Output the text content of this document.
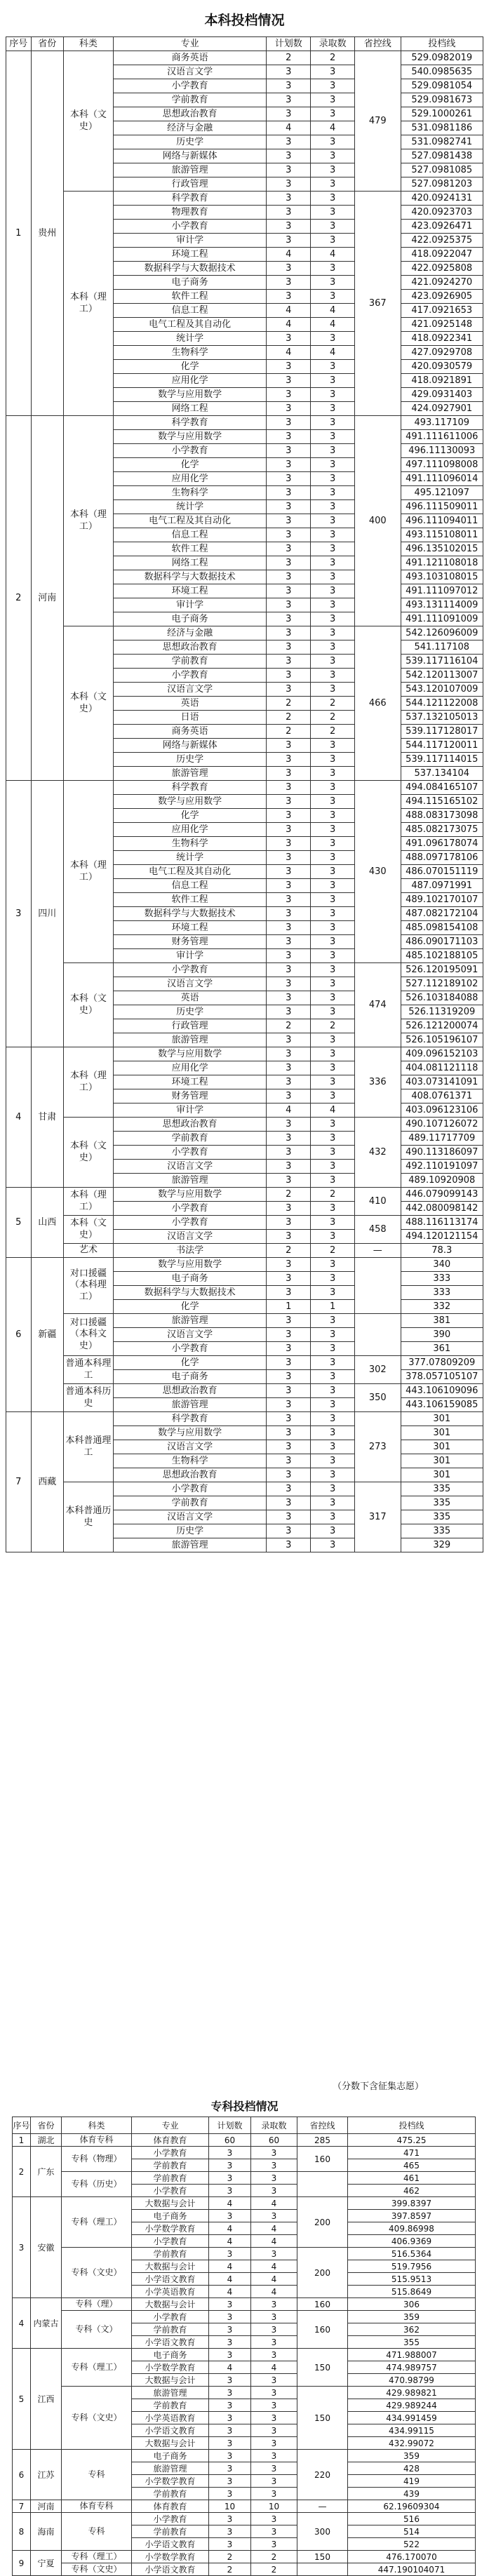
本科投档情况
序号	省份	科类	专业	计划数	录取数	省控线	投档线
1	贵州	本科（文史）	商务英语	2	2	479	529.0982019
			汉语言文学	3	3		540.0985635
			小学教育	3	3		529.0981054
			学前教育	3	3		529.0981673
			思想政治教育	3	3		529.1000261
			经济与金融	4	4		531.0981186
			历史学	3	3		531.0982741
			网络与新媒体	3	3		527.0981438
			旅游管理	3	3		527.0981085
			行政管理	3	3		527.0981203
		本科（理工）	科学教育	3	3	367	420.0924131
			物理教育	3	3		420.0923703
			小学教育	3	3		423.0926471
			审计学	3	3		422.0925375
			环境工程	4	4		418.0922047
			数据科学与大数据技术	3	3		422.0925808
			电子商务	3	3		421.0924270
			软件工程	3	3		423.0926905
			信息工程	4	4		417.0921653
			电气工程及其自动化	4	4		421.0925148
			统计学	3	3		418.0922341
			生物科学	4	4		427.0929708
			化学	3	3		420.0930579
			应用化学	3	3		418.0921891
			数学与应用数学	3	3		429.0931403
			网络工程	3	3		424.0927901
2	河南	本科（理工）	科学教育	3	3	400	493.117109
			数学与应用数学	3	3		491.111611006
			小学教育	3	3		496.11130093
			化学	3	3		497.111098008
			应用化学	3	3		491.111096014
			生物科学	3	3		495.121097
			统计学	3	3		496.111509011
			电气工程及其自动化	3	3		496.111094011
			信息工程	3	3		493.115108011
			软件工程	3	3		496.135102015
			网络工程	3	3		491.121108018
			数据科学与大数据技术	3	3		493.103108015
			环境工程	3	3		491.111097012
			审计学	3	3		493.131114009
			电子商务	3	3		491.111091009
		本科（文史）	经济与金融	3	3	466	542.126096009
			思想政治教育	3	3		541.117108
			学前教育	3	3		539.117116104
			小学教育	3	3		542.120113007
			汉语言文学	3	3		543.120107009
			英语	2	2		544.121122008
			日语	2	2		537.132105013
			商务英语	2	2		539.117128017
			网络与新媒体	3	3		544.117120011
			历史学	3	3		539.117114015
			旅游管理	3	3		537.134104
3	四川	本科（理工）	科学教育	3	3	430	494.084165107
			数学与应用数学	3	3		494.115165102
			化学	3	3		488.083173098
			应用化学	3	3		485.082173075
			生物科学	3	3		491.096178074
			统计学	3	3		488.097178106
			电气工程及其自动化	3	3		486.070151119
			信息工程	3	3		487.0971991
			软件工程	3	3		489.102170107
			数据科学与大数据技术	3	3		487.082172104
			环境工程	3	3		485.098154108
			财务管理	3	3		486.090171103
			审计学	3	3		485.102188105
		本科（文史）	小学教育	3	3	474	526.120195091
			汉语言文学	3	3		527.112189102
			英语	3	3		526.103184088
			历史学	3	3		526.11319209
			行政管理	2	2		526.121200074
			旅游管理	3	3		526.105196107
4	甘肃	本科（理工）	数学与应用数学	3	3	336	409.096152103
			应用化学	3	3		404.081121118
			环境工程	3	3		403.073141091
			财务管理	3	3		408.0761371
			审计学	4	4		403.096123106
		本科（文史）	思想政治教育	3	3	432	490.107126072
			学前教育	3	3		489.11717709
			小学教育	3	3		490.113186097
			汉语言文学	3	3		492.110191097
			旅游管理	3	3		489.10920908
5	山西	本科（理工）	数学与应用数学	2	2	410	446.079099143
			小学教育	3	3		442.080098142
		本科（文史）	小学教育	3	3	458	488.116113174
			汉语言文学	3	3		494.120121154
		艺术	书法学	2	2	—	78.3
6	新疆	对口援疆（本科理工）	数学与应用数学	3	3		340
			电子商务	3	3		333
			数据科学与大数据技术	3	3		333
			化学	1	1		332
		对口援疆（本科文史）	旅游管理	3	3		381
			汉语言文学	3	3		390
			小学教育	3	3		361
		普通本科理工	化学	3	3	302	377.07809209
			电子商务	3	3		378.057105107
		普通本科历史	思想政治教育	3	3	350	443.106109096
			旅游管理	3	3		443.106159085
7	西藏	本科普通理工	科学教育	3	3	273	301
			数学与应用数学	3	3		301
			汉语言文学	3	3		301
			生物科学	3	3		301
			思想政治教育	3	3		301
		本科普通历史	小学教育	3	3	317	335
			学前教育	3	3		335
			汉语言文学	3	3		335
			历史学	3	3		335
			旅游管理	3	3		329
（分数下含征集志愿）
专科投档情况
序号	省份	科类	专业	计划数	录取数	省控线	投档线
1	湖北	体育专科	体育教育	60	60	285	475.25
2	广东	专科（物理）	小学教育	3	3	160	471
			学前教育	3	3		465
		专科（历史）	学前教育	3	3		461
			小学教育	3	3		462
3	安徽	专科（理工）	大数据与会计	4	4	200	399.8397
			电子商务	3	3		397.8597
			小学数学教育	4	4		409.86998
			小学教育	4	4		406.9369
		专科（文史）	学前教育	3	3	200	516.5364
			大数据与会计	4	4		519.7956
			小学语文教育	4	4		515.9513
			小学英语教育	4	4		515.8649
4	内蒙古	专科（理）	大数据与会计	3	3	160	306
		专科（文）	小学教育	3	3	160	359
			学前教育	3	3		362
			小学语文教育	3	3		355
5	江西	专科（理工）	电子商务	3	3	150	471.988007
			小学数学教育	4	4		474.989757
			大数据与会计	3	3		470.98799
		专科（文史）	旅游管理	3	3	150	429.989821
			学前教育	3	3		429.989244
			小学英语教育	3	3		434.991459
			小学语文教育	3	3		434.99115
			大数据与会计	3	3		432.99072
6	江苏	专科	电子商务	3	3	220	359
			旅游管理	3	3		428
			小学数学教育	3	3		419
			学前教育	3	3		439
7	河南	体育专科	体育教育	10	10	—	62.19609304
8	海南	专科	小学教育	3	3	300	516
			学前教育	3	3		514
			小学语文教育	3	3		522
9	宁夏	专科（理工）	小学数学教育	2	2	150	476.170070
		专科（文史）	小学语文教育	2	2		447.190104071
